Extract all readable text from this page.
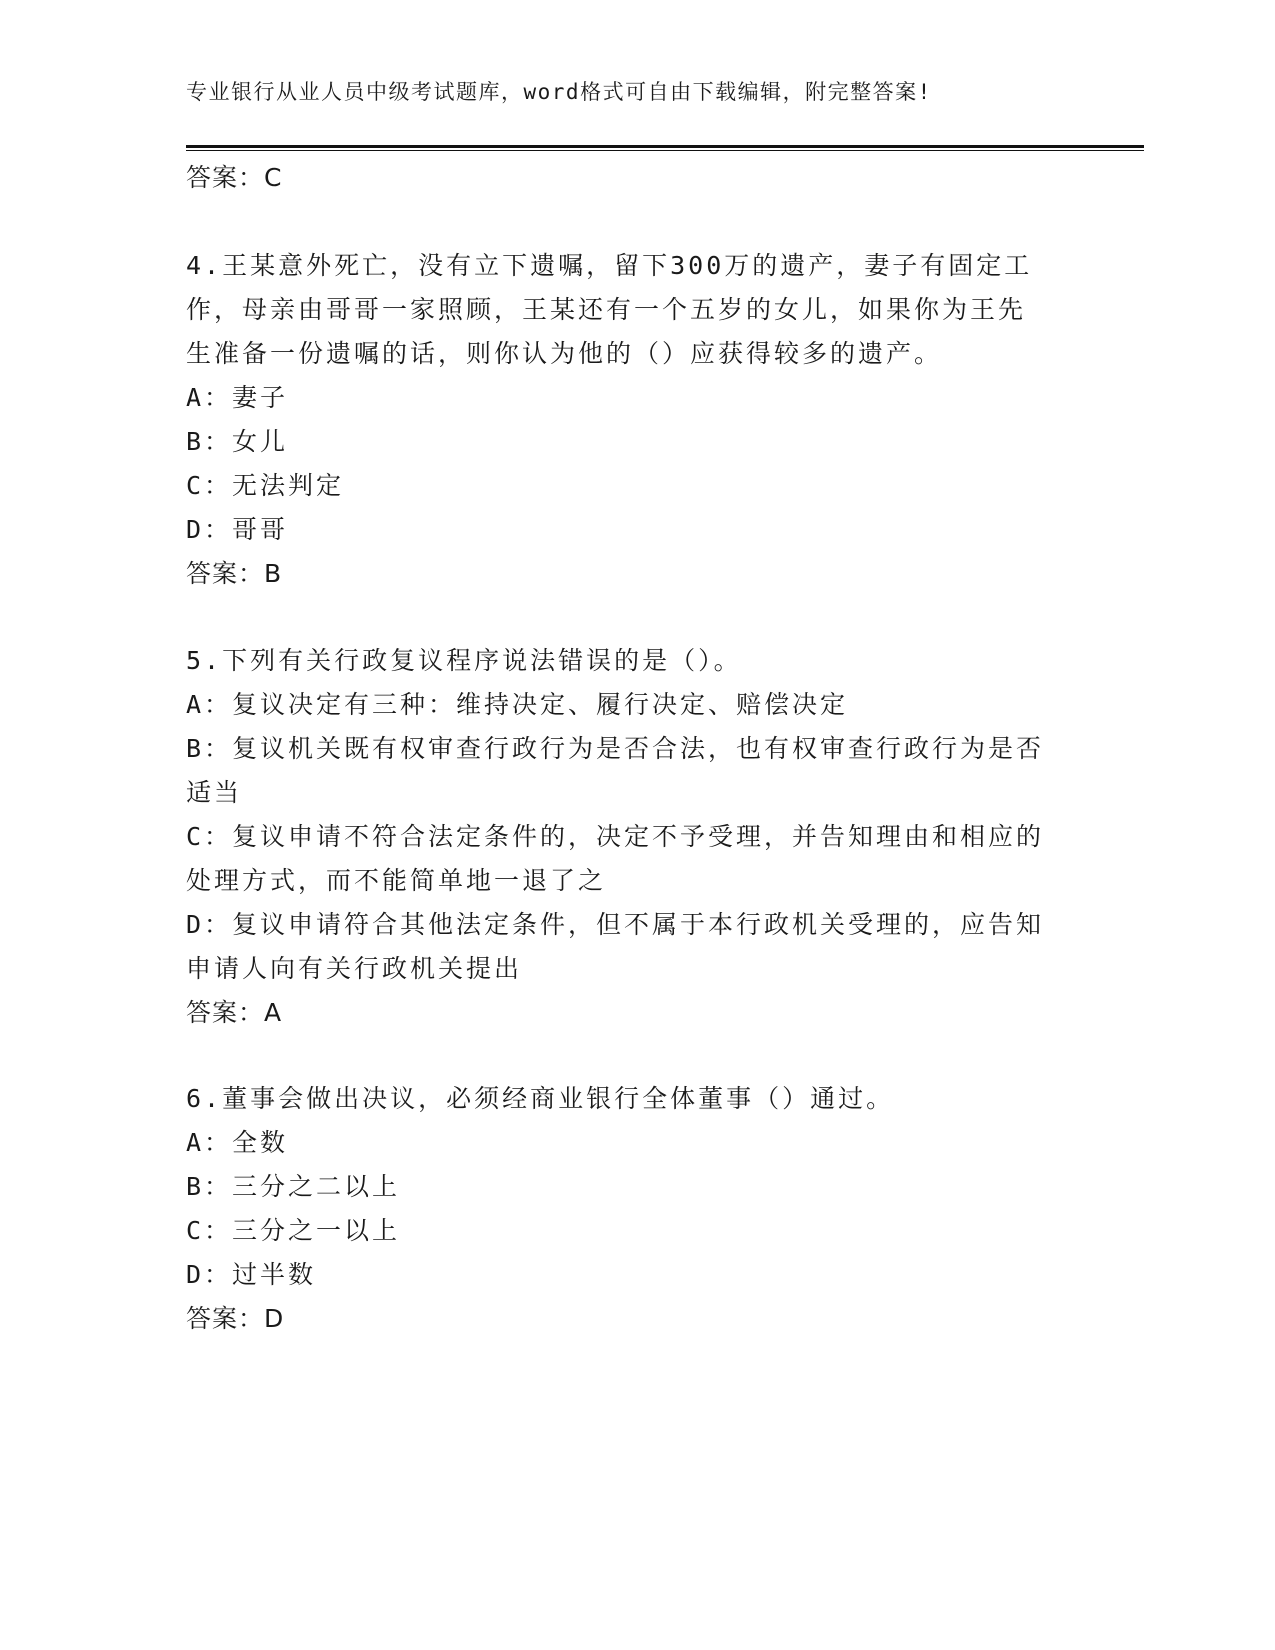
专业银行从业人员中级考试题库，word格式可自由下载编辑，附完整答案!
答案：C
4.王某意外死亡，没有立下遗嘱，留下300万的遗产，妻子有固定工
作，母亲由哥哥一家照顾，王某还有一个五岁的女儿，如果你为王先
生准备一份遗嘱的话，则你认为他的（）应获得较多的遗产。
A：妻子
B：女儿
C：无法判定
D：哥哥
答案：B
5.下列有关行政复议程序说法错误的是（）。
A：复议决定有三种：维持决定、履行决定、赔偿决定
B：复议机关既有权审查行政行为是否合法，也有权审查行政行为是否
适当
C：复议申请不符合法定条件的，决定不予受理，并告知理由和相应的
处理方式，而不能简单地一退了之
D：复议申请符合其他法定条件，但不属于本行政机关受理的，应告知
申请人向有关行政机关提出
答案：A
6.董事会做出决议，必须经商业银行全体董事（）通过。
A：全数
B：三分之二以上
C：三分之一以上
D：过半数
答案：D
